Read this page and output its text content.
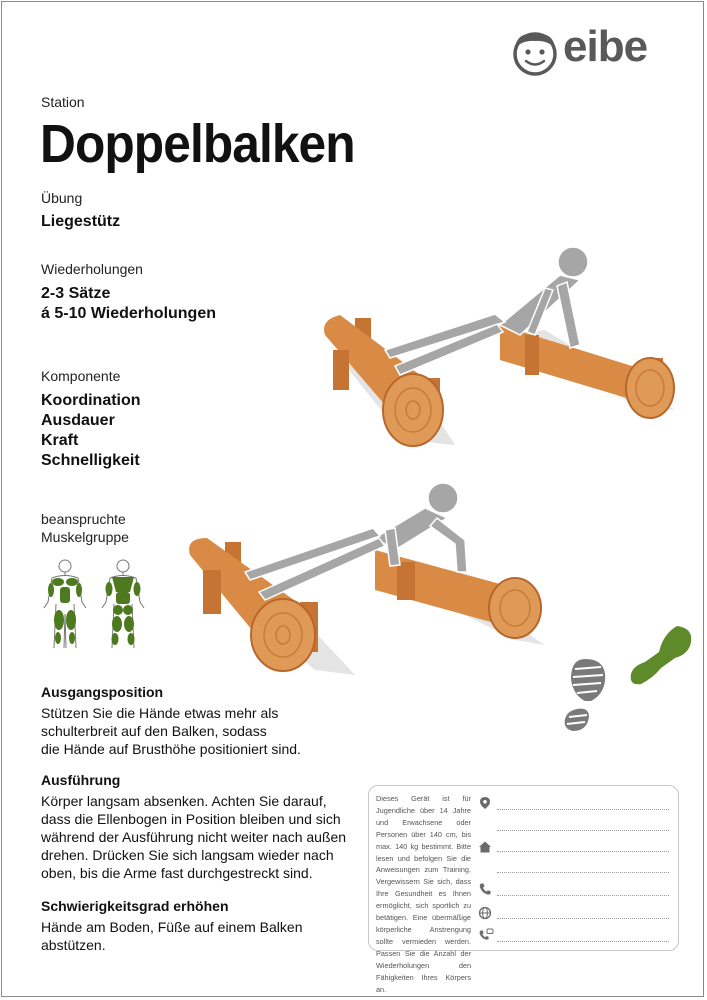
eibe
Station
Doppelbalken
Übung
Liegestütz
Wiederholungen
2-3 Sätze
á 5-10 Wiederholungen
Komponente
Koordination
Ausdauer
Kraft
Schnelligkeit
beanspruchte
Muskelgruppe
Ausgangsposition
Stützen Sie die Hände etwas mehr als
schulterbreit auf den Balken, sodass
die Hände auf Brusthöhe positioniert sind.
Ausführung
Körper langsam absenken. Achten Sie darauf,
dass die Ellenbogen in Position bleiben und sich
während der Ausführung nicht weiter nach außen
drehen. Drücken Sie sich langsam wieder nach
oben, bis die Arme fast durchgestreckt sind.
Schwierigkeitsgrad erhöhen
Hände am Boden, Füße auf einem Balken
abstützen.
Dieses Gerät ist für Jugendliche über 14 Jahre und Erwachsene oder Personen über 140 cm, bis max. 140 kg bestimmt. Bitte lesen und befolgen Sie die Anweisungen zum Training. Vergewissern Sie sich, dass Ihre Gesundheit es Ihnen ermöglicht, sich sportlich zu betätigen. Eine übermäßige körperliche Anstrengung sollte vermieden werden. Passen Sie die Anzahl der Wiederholungen den Fähigkeiten Ihres Körpers an.
